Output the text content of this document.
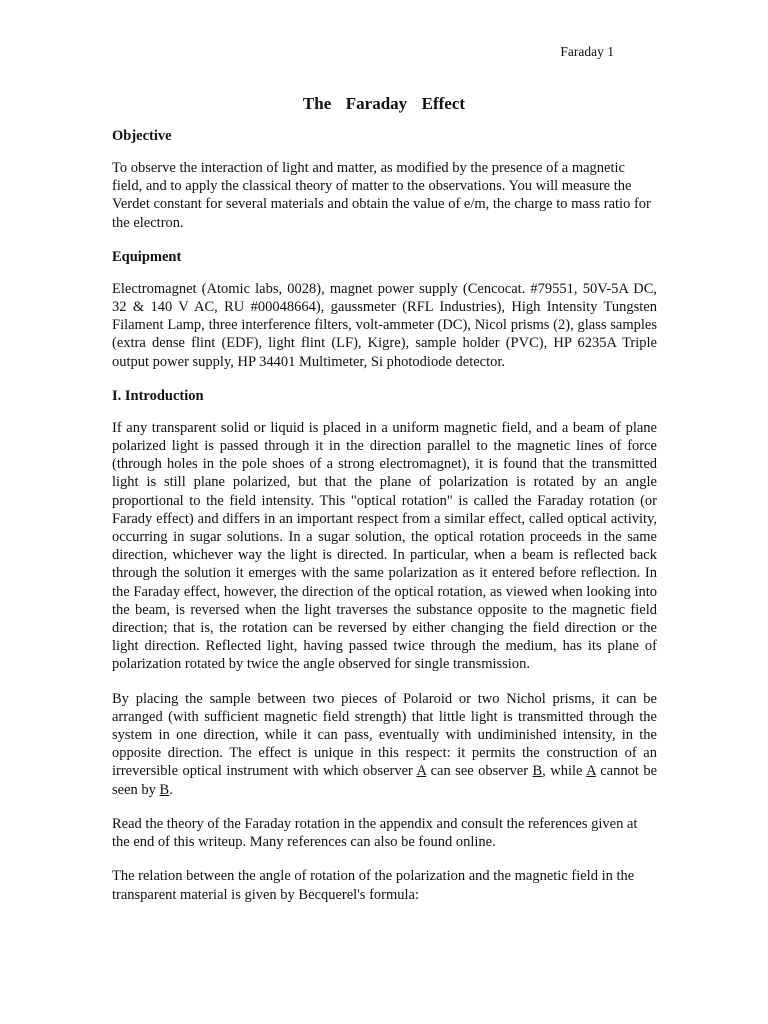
Faraday 1
The  Faraday  Effect
Objective

To observe the interaction of light and matter, as modified by the presence of a magnetic field, and to apply the classical theory of matter to the observations. You will measure the Verdet constant for several materials and obtain the value of e/m, the charge to mass ratio for the electron.

Equipment

Electromagnet (Atomic labs, 0028), magnet power supply (Cencocat. #79551, 50V-5A DC, 32 & 140 V AC, RU #00048664), gaussmeter (RFL Industries), High Intensity Tungsten Filament Lamp, three interference filters, volt-ammeter (DC), Nicol prisms (2), glass samples (extra dense flint (EDF), light flint (LF), Kigre), sample holder (PVC), HP 6235A Triple output power supply, HP 34401 Multimeter, Si photodiode detector.

I. Introduction

If any transparent solid or liquid is placed in a uniform magnetic field, and a beam of plane polarized light is passed through it in the direction parallel to the magnetic lines of force (through holes in the pole shoes of a strong electromagnet), it is found that the transmitted light is still plane polarized, but that the plane of polarization is rotated by an angle proportional to the field intensity. This "optical rotation" is called the Faraday rotation (or Farady effect) and differs in an important respect from a similar effect, called optical activity, occurring in sugar solutions. In a sugar solution, the optical rotation proceeds in the same direction, whichever way the light is directed. In particular, when a beam is reflected back through the solution it emerges with the same polarization as it entered before reflection. In the Faraday effect, however, the direction of the optical rotation, as viewed when looking into the beam, is reversed when the light traverses the substance opposite to the magnetic field direction; that is, the rotation can be reversed by either changing the field direction or the light direction. Reflected light, having passed twice through the medium, has its plane of polarization rotated by twice the angle observed for single transmission.

By placing the sample between two pieces of Polaroid or two Nichol prisms, it can be arranged (with sufficient magnetic field strength) that little light is transmitted through the system in one direction, while it can pass, eventually with undiminished intensity, in the opposite direction. The effect is unique in this respect: it permits the construction of an irreversible optical instrument with which observer A can see observer B, while A cannot be seen by B.

Read the theory of the Faraday rotation in the appendix and consult the references given at the end of this writeup. Many references can also be found online.

The relation between the angle of rotation of the polarization and the magnetic field in the transparent material is given by Becquerel's formula:
